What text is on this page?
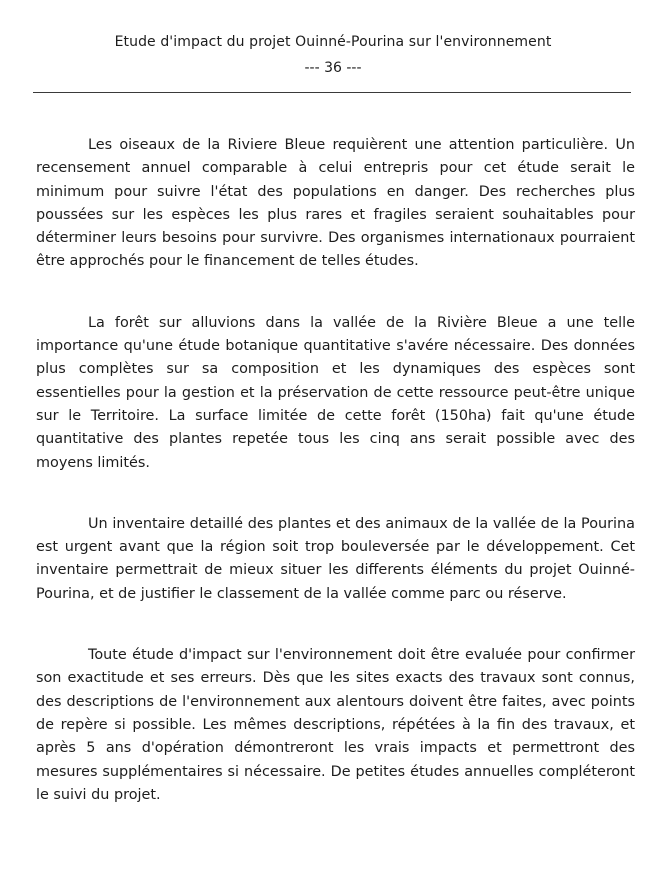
Etude d'impact du projet Ouinné-Pourina sur l'environnement
--- 36 ---

Les oiseaux de la Riviere Bleue requièrent une attention particulière. Un recensement annuel comparable à celui entrepris pour cet étude serait le minimum pour suivre l'état des populations en danger. Des recherches plus poussées sur les espèces les plus rares et fragiles seraient souhaitables pour déterminer leurs besoins pour survivre. Des organismes internationaux pourraient être approchés pour le financement de telles études.

La forêt sur alluvions dans la vallée de la Rivière Bleue a une telle importance qu'une étude botanique quantitative s'avére nécessaire. Des données plus complètes sur sa composition et les dynamiques des espèces sont essentielles pour la gestion et la préservation de cette ressource peut-être unique sur le Territoire. La surface limitée de cette forêt (150ha) fait qu'une étude quantitative des plantes repetée tous les cinq ans serait possible avec des moyens limités.

Un inventaire detaillé des plantes et des animaux de la vallée de la Pourina est urgent avant que la région soit trop bouleversée par le développement. Cet inventaire permettrait de mieux situer les differents éléments du projet Ouinné-Pourina, et de justifier le classement de la vallée comme parc ou réserve.

Toute étude d'impact sur l'environnement doit être evaluée pour confirmer son exactitude et ses erreurs. Dès que les sites exacts des travaux sont connus, des descriptions de l'environnement aux alentours doivent être faites, avec points de repère si possible. Les mêmes descriptions, répétées à la fin des travaux, et après 5 ans d'opération démontreront les vrais impacts et permettront des mesures supplémentaires si nécessaire. De petites études annuelles compléteront le suivi du projet.
